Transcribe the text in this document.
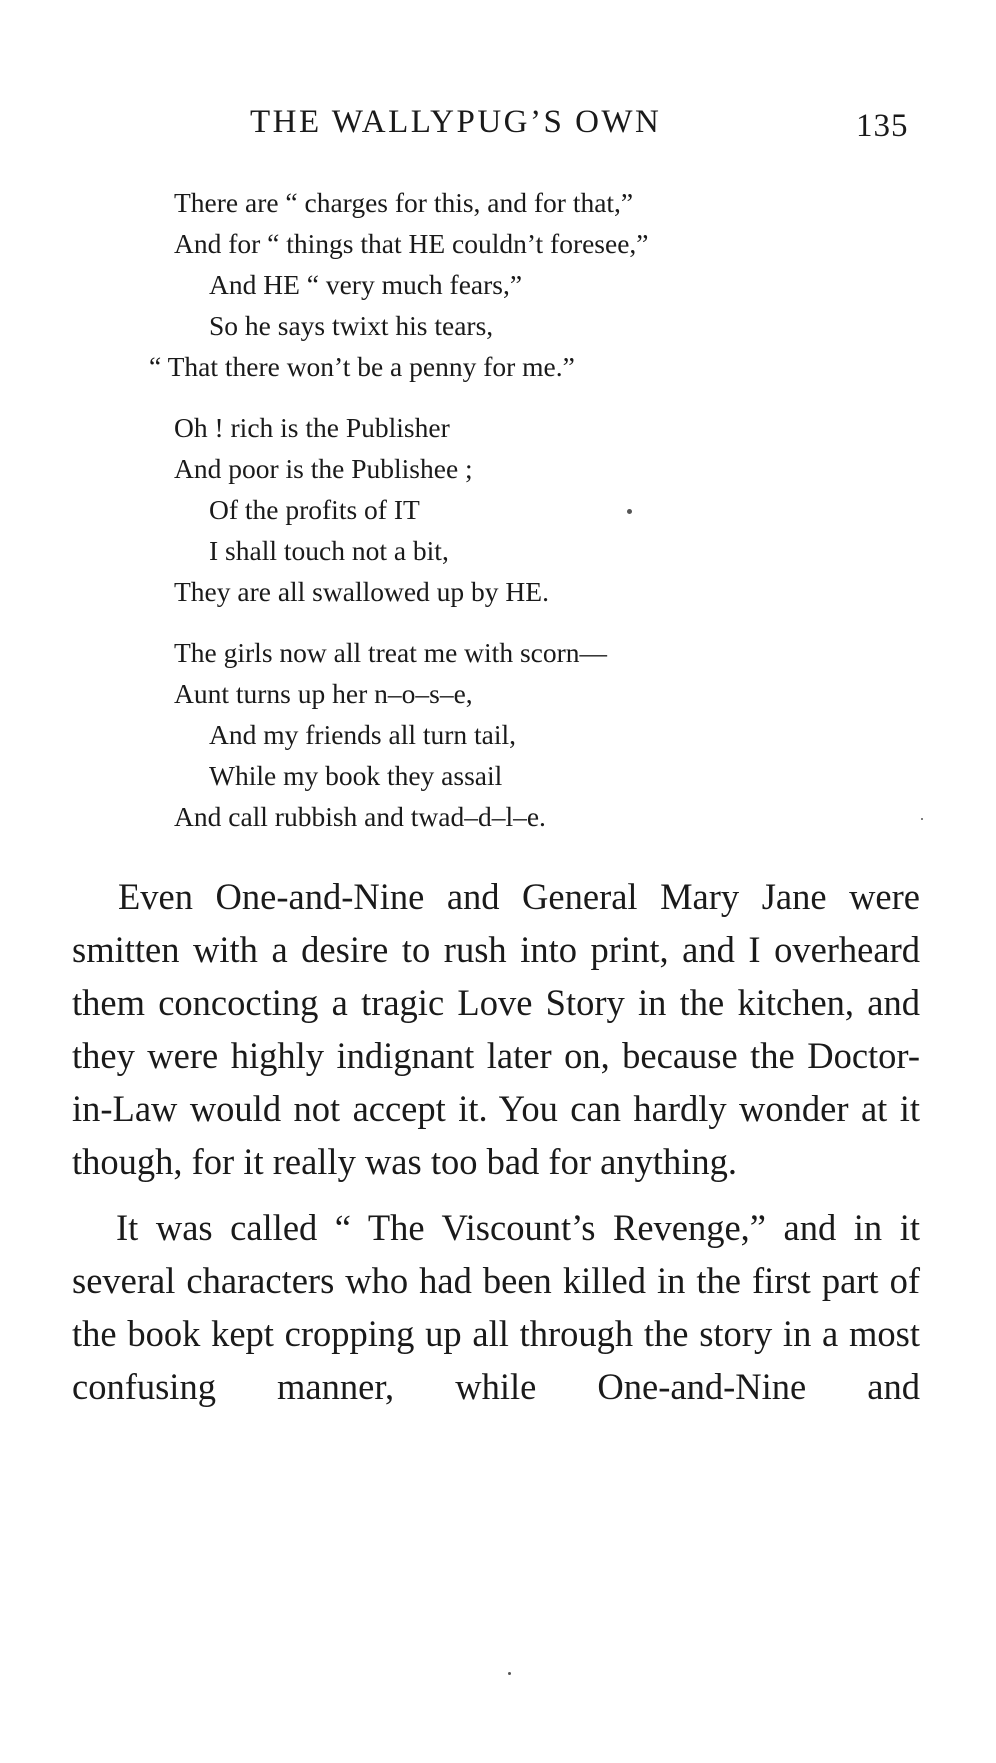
THE WALLYPUG’S OWN	135
There are “ charges for this, and for that,”
And for “ things that HE couldn’t foresee,”
And HE “ very much fears,”
So he says twixt his tears,
“ That there won’t be a penny for me.”
Oh ! rich is the Publisher
And poor is the Publishee ;
Of the profits of IT
I shall touch not a bit,
They are all swallowed up by HE.
The girls now all treat me with scorn—
Aunt turns up her n–o–s–e,
And my friends all turn tail,
While my book they assail
And call rubbish and twad–d–l–e.

Even One-and-Nine and General Mary Jane were smitten with a desire to rush into print, and I overheard them concocting a tragic Love Story in the kitchen, and they were highly indignant later on, because the Doctor-in-Law would not accept it. You can hardly wonder at it though, for it really was too bad for anything.

It was called “ The Viscount’s Revenge,” and in it several characters who had been killed in the first part of the book kept cropping up all through the story in a most confusing manner, while One-and-Nine and
